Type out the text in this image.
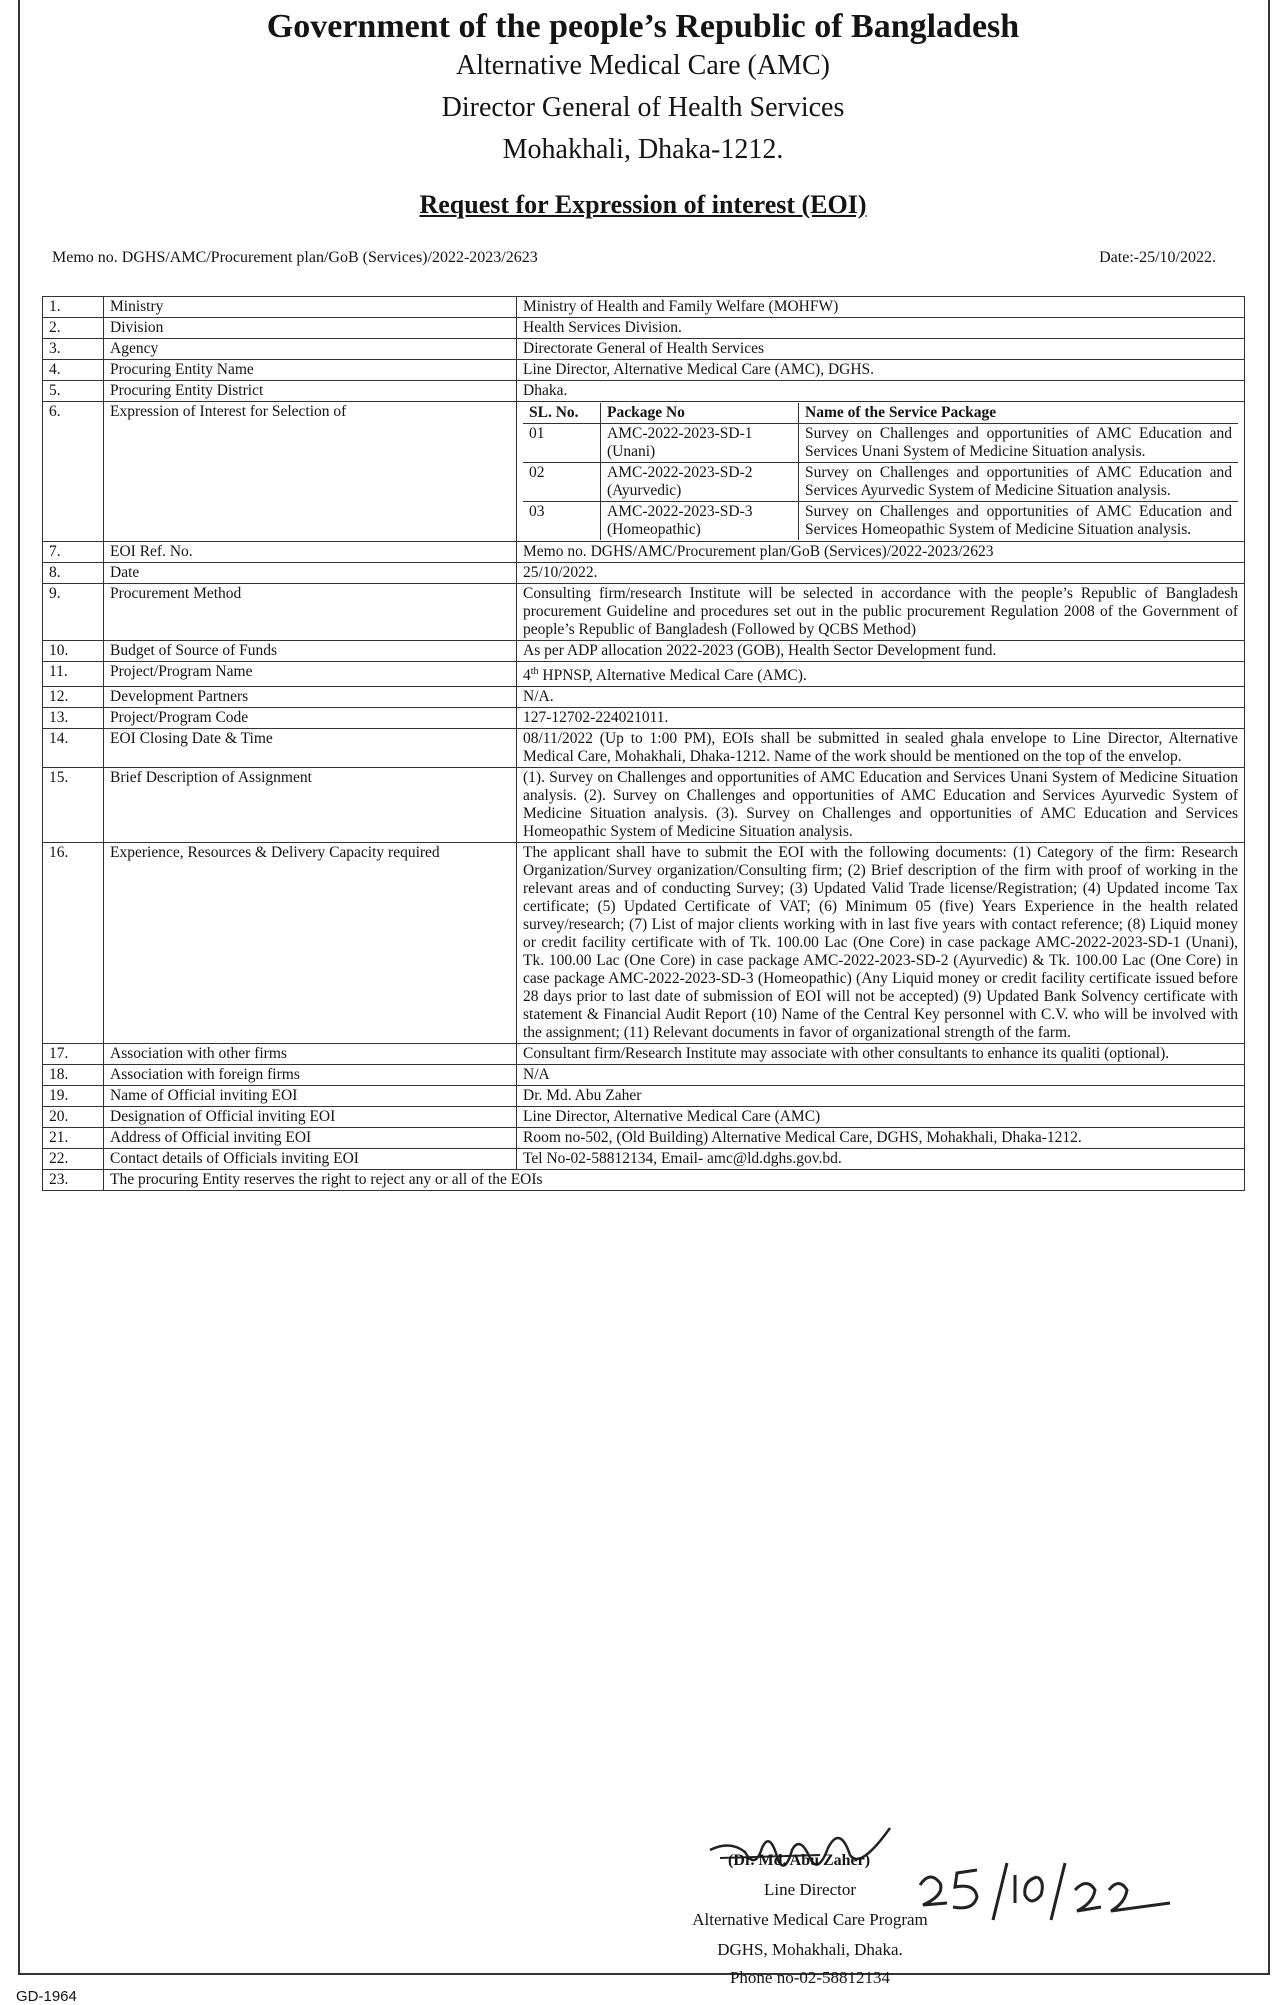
Government of the people’s Republic of Bangladesh
Alternative Medical Care (AMC)
Director General of Health Services
Mohakhali, Dhaka-1212.
Request for Expression of interest (EOI)
Memo no. DGHS/AMC/Procurement plan/GoB (Services)/2022-2023/2623	Date:-25/10/2022.
1.	Ministry	Ministry of Health and Family Welfare (MOHFW)
2.	Division	Health Services Division.
3.	Agency	Directorate General of Health Services
4.	Procuring Entity Name	Line Director, Alternative Medical Care (AMC), DGHS.
5.	Procuring Entity District	Dhaka.
6.	Expression of Interest for Selection of		SL. No.	Package No	Name of the Service Package
01	AMC-2022-2023-SD-1 (Unani)	Survey on Challenges and opportunities of AMC Education and Services Unani System of Medicine Situation analysis.
02	AMC-2022-2023-SD-2 (Ayurvedic)	Survey on Challenges and opportunities of AMC Education and Services Ayurvedic System of Medicine Situation analysis.
03	AMC-2022-2023-SD-3 (Homeopathic)	Survey on Challenges and opportunities of AMC Education and Services Homeopathic System of Medicine Situation analysis.

7.	EOI Ref. No.	Memo no. DGHS/AMC/Procurement plan/GoB (Services)/2022-2023/2623
8.	Date	25/10/2022.
9.	Procurement Method	Consulting firm/research Institute will be selected in accordance with the people’s Republic of Bangladesh procurement Guideline and procedures set out in the public procurement Regulation 2008 of the Government of people’s Republic of Bangladesh (Followed by QCBS Method)
10.	Budget of Source of Funds	As per ADP allocation 2022-2023 (GOB), Health Sector Development fund.
11.	Project/Program Name	4th HPNSP, Alternative Medical Care (AMC).
12.	Development Partners	N/A.
13.	Project/Program Code	127-12702-224021011.
14.	EOI Closing Date & Time	08/11/2022 (Up to 1:00 PM), EOIs shall be submitted in sealed ghala envelope to Line Director, Alternative Medical Care, Mohakhali, Dhaka-1212. Name of the work should be mentioned on the top of the envelop.
15.	Brief Description of Assignment	(1). Survey on Challenges and opportunities of AMC Education and Services Unani System of Medicine Situation analysis. (2). Survey on Challenges and opportunities of AMC Education and Services Ayurvedic System of Medicine Situation analysis. (3). Survey on Challenges and opportunities of AMC Education and Services Homeopathic System of Medicine Situation analysis.
16.	Experience, Resources & Delivery Capacity required	The applicant shall have to submit the EOI with the following documents: (1) Category of the firm: Research Organization/Survey organization/Consulting firm; (2) Brief description of the firm with proof of working in the relevant areas and of conducting Survey; (3) Updated Valid Trade license/Registration; (4) Updated income Tax certificate; (5) Updated Certificate of VAT; (6) Minimum 05 (five) Years Experience in the health related survey/research; (7) List of major clients working with in last five years with contact reference; (8) Liquid money or credit facility certificate with of Tk. 100.00 Lac (One Core) in case package AMC-2022-2023-SD-1 (Unani), Tk. 100.00 Lac (One Core) in case package AMC-2022-2023-SD-2 (Ayurvedic) & Tk. 100.00 Lac (One Core) in case package AMC-2022-2023-SD-3 (Homeopathic) (Any Liquid money or credit facility certificate issued before 28 days prior to last date of submission of EOI will not be accepted) (9) Updated Bank Solvency certificate with statement & Financial Audit Report (10) Name of the Central Key personnel with C.V. who will be involved with the assignment; (11) Relevant documents in favor of organizational strength of the farm.
17.	Association with other firms	Consultant firm/Research Institute may associate with other consultants to enhance its qualiti (optional).
18.	Association with foreign firms	N/A
19.	Name of Official inviting EOI	Dr. Md. Abu Zaher
20.	Designation of Official inviting EOI	Line Director, Alternative Medical Care (AMC)
21.	Address of Official inviting EOI	Room no-502, (Old Building) Alternative Medical Care, DGHS, Mohakhali, Dhaka-1212.
22.	Contact details of Officials inviting EOI	Tel No-02-58812134, Email- amc@ld.dghs.gov.bd.
23.	The procuring Entity reserves the right to reject any or all of the EOIs
(Dr. Md. Abu Zaher)
Line Director
Alternative Medical Care Program
DGHS, Mohakhali, Dhaka.
Phone no-02-58812134
GD-1964
